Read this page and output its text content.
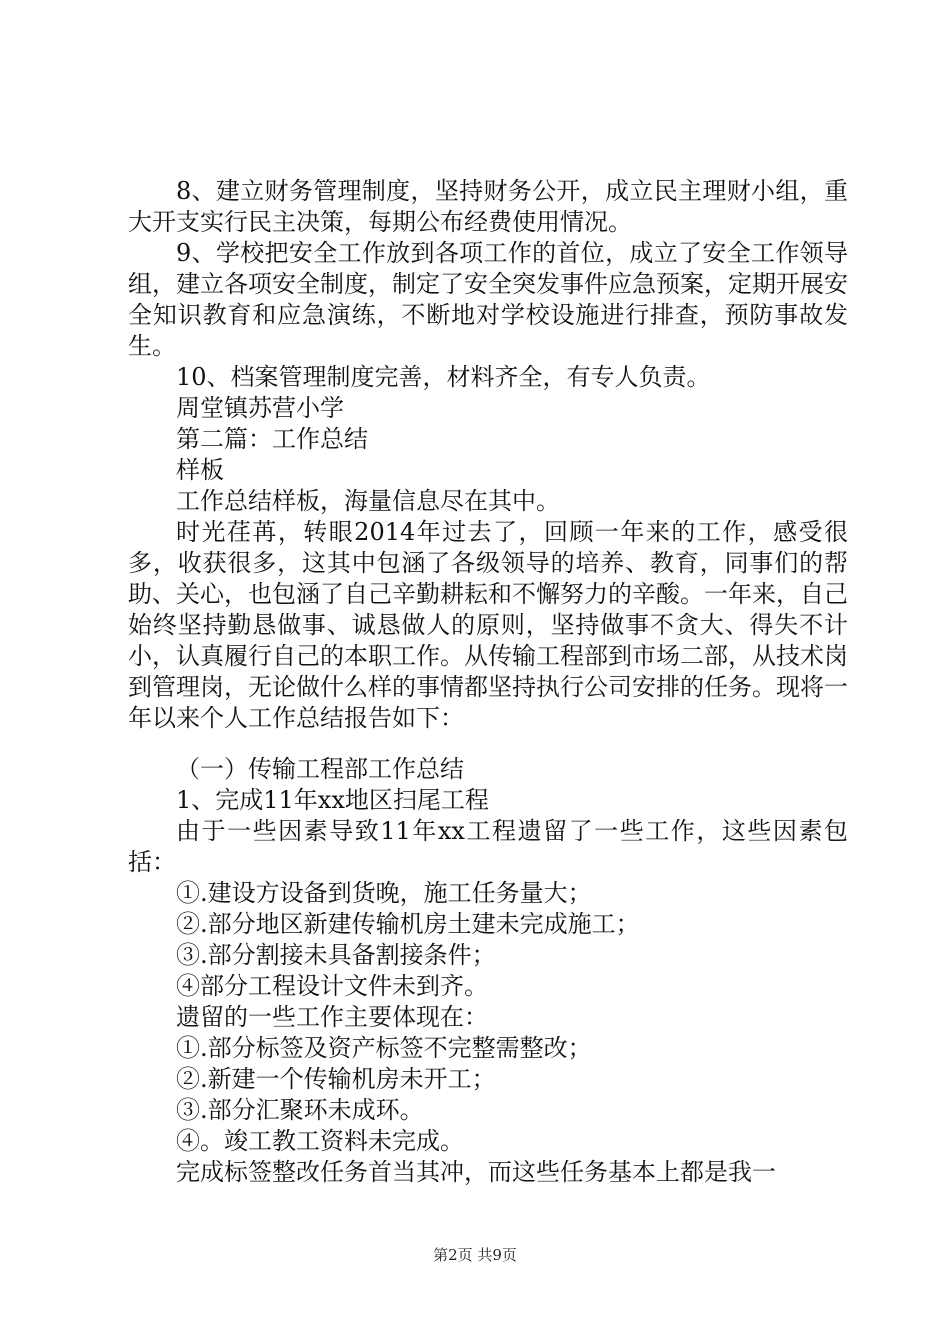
8、建立财务管理制度，坚持财务公开，成立民主理财小组，重大开支实行民主决策，每期公布经费使用情况。

9、学校把安全工作放到各项工作的首位，成立了安全工作领导组，建立各项安全制度，制定了安全突发事件应急预案，定期开展安全知识教育和应急演练，不断地对学校设施进行排查，预防事故发生。

10、档案管理制度完善，材料齐全，有专人负责。

周堂镇苏营小学

第二篇：工作总结

样板

工作总结样板，海量信息尽在其中。

时光荏苒，转眼2014年过去了，回顾一年来的工作，感受很多，收获很多，这其中包涵了各级领导的培养、教育，同事们的帮助、关心，也包涵了自己辛勤耕耘和不懈努力的辛酸。一年来，自己始终坚持勤恳做事、诚恳做人的原则，坚持做事不贪大、得失不计小，认真履行自己的本职工作。从传输工程部到市场二部，从技术岗到管理岗，无论做什么样的事情都坚持执行公司安排的任务。现将一年以来个人工作总结报告如下：

（一）传输工程部工作总结

1、完成11年xx地区扫尾工程

由于一些因素导致11年xx工程遗留了一些工作，这些因素包括：

①.建设方设备到货晚，施工任务量大；

②.部分地区新建传输机房土建未完成施工；

③.部分割接未具备割接条件；

④部分工程设计文件未到齐。

遗留的一些工作主要体现在：

①.部分标签及资产标签不完整需整改；

②.新建一个传输机房未开工；

③.部分汇聚环未成环。

④。竣工教工资料未完成。

完成标签整改任务首当其冲，而这些任务基本上都是我一

第2页 共9页
